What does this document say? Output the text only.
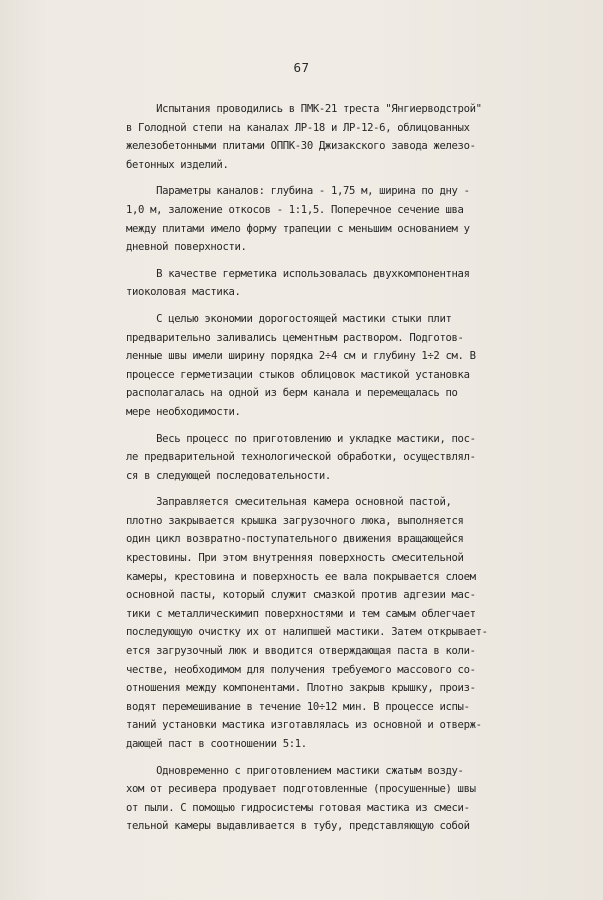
67
Испытания проводились в ПМК-21 треста "Янгиерводстрой"
в Голодной степи на каналах ЛР-18 и ЛР-12-6, облицованных
железобетонными плитами ОППК-30 Джизакского завода железо-
бетонных изделий.
Параметры каналов: глубина - 1,75 м, ширина по дну -
1,0 м, заложение откосов - 1:1,5. Поперечное сечение шва
между плитами имело форму трапеции с меньшим основанием у
дневной поверхности.
В качестве герметика использовалась двухкомпонентная
тиоколовая мастика.
С целью экономии дорогостоящей мастики стыки плит
предварительно заливались цементным раствором. Подготов-
ленные швы имели ширину порядка 2÷4 см и глубину 1÷2 см. В
процессе герметизации стыков облицовок мастикой установка
располагалась на одной из берм канала и перемещалась по
мере необходимости.
Весь процесс по приготовлению и укладке мастики, пос-
ле предварительной технологической обработки, осуществлял-
ся в следующей последовательности.
Заправляется смесительная камера основной пастой,
плотно закрывается крышка загрузочного люка, выполняется
один цикл возвратно-поступательного движения вращающейся
крестовины. При этом внутренняя поверхность смесительной
камеры, крестовина и поверхность ее вала покрывается слоем
основной пасты, который служит смазкой против адгезии мас-
тики с металлическимип поверхностями и тем самым облегчает
последующую очистку их от налипшей мастики. Затем открывает-
ется загрузочный люк и вводится отверждающая паста в коли-
честве, необходимом для получения требуемого массового со-
отношения между компонентами. Плотно закрыв крышку, произ-
водят перемешивание в течение 10÷12 мин. В процессе испы-
таний установки мастика изготавлялась из основной и отверж-
дающей паст в соотношении 5:1.
Одновременно с приготовлением мастики сжатым возду-
хом от ресивера продувает подготовленные (просушенные) швы
от пыли. С помощью гидросистемы готовая мастика из смеси-
тельной камеры выдавливается в тубу, представляющую собой
